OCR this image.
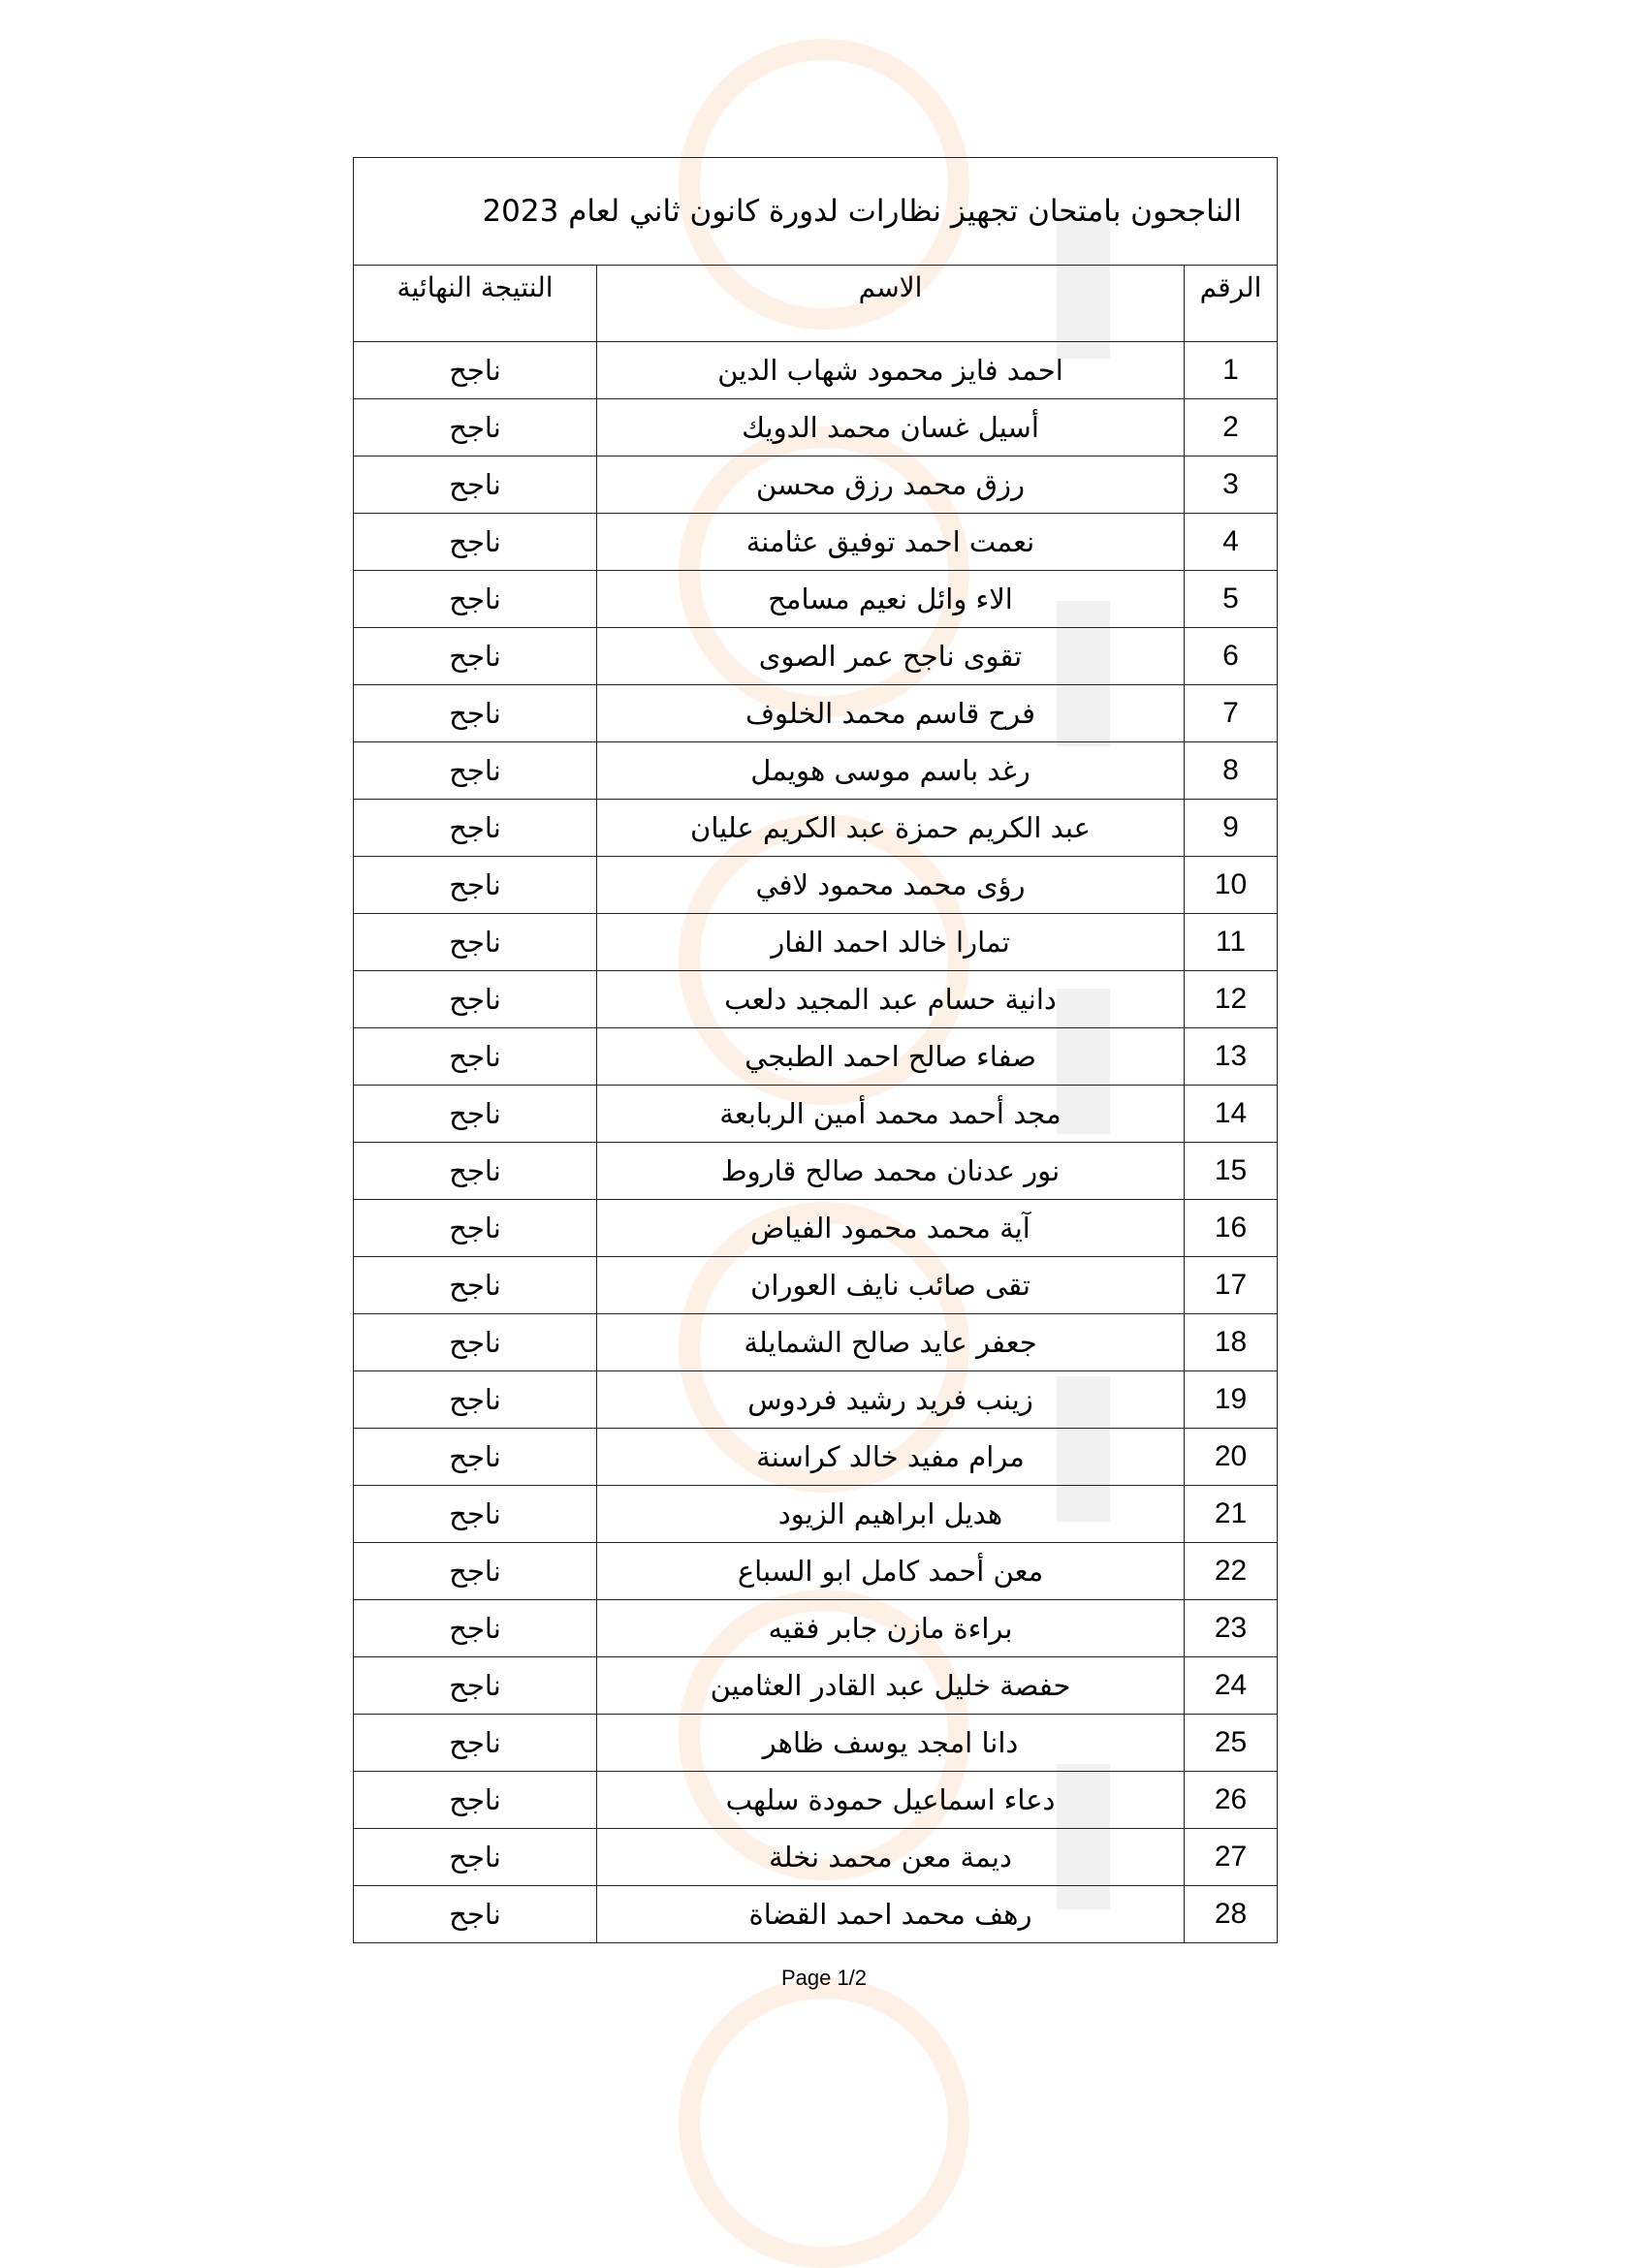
الناجحون بامتحان تجهيز نظارات لدورة كانون ثاني لعام 2023		
الرقم	الاسم	النتيجة النهائية
1	احمد فايز محمود شهاب الدين	ناجح
2	أسيل غسان محمد الدويك	ناجح
3	رزق محمد رزق محسن	ناجح
4	نعمت احمد توفيق عثامنة	ناجح
5	الاء وائل نعيم مسامح	ناجح
6	تقوى ناجح عمر الصوى	ناجح
7	فرح قاسم محمد الخلوف	ناجح
8	رغد باسم موسى هويمل	ناجح
9	عبد الكريم حمزة عبد الكريم عليان	ناجح
10	رؤى محمد محمود لافي	ناجح
11	تمارا خالد احمد الفار	ناجح
12	دانية حسام عبد المجيد دلعب	ناجح
13	صفاء صالح احمد الطبجي	ناجح
14	مجد أحمد محمد أمين الربابعة	ناجح
15	نور عدنان محمد صالح قاروط	ناجح
16	آية محمد محمود الفياض	ناجح
17	تقى صائب نايف العوران	ناجح
18	جعفر عايد صالح الشمايلة	ناجح
19	زينب فريد رشيد فردوس	ناجح
20	مرام مفيد خالد كراسنة	ناجح
21	هديل ابراهيم الزيود	ناجح
22	معن أحمد كامل ابو السباع	ناجح
23	براءة مازن جابر فقيه	ناجح
24	حفصة خليل عبد القادر العثامين	ناجح
25	دانا امجد يوسف ظاهر	ناجح
26	دعاء اسماعيل حمودة سلهب	ناجح
27	ديمة معن محمد نخلة	ناجح
28	رهف محمد احمد القضاة	ناجح
Page 1/2
